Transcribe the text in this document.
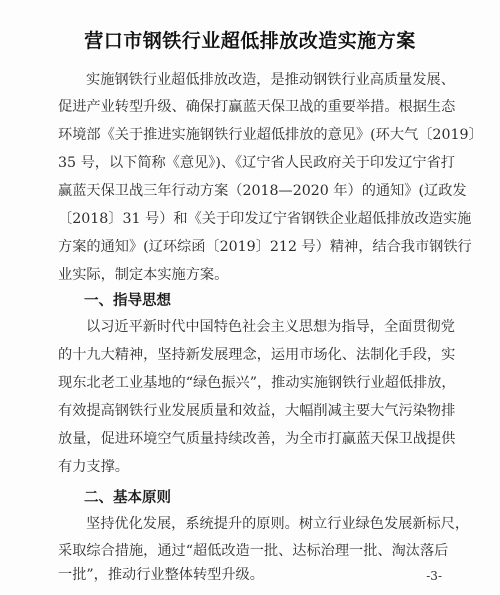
营口市钢铁行业超低排放改造实施方案
实施钢铁行业超低排放改造，是推动钢铁行业高质量发展、
促进产业转型升级、确保打赢蓝天保卫战的重要举措。根据生态
环境部《关于推进实施钢铁行业超低排放的意见》(环大气〔2019〕
35 号，以下简称《意见》)、《辽宁省人民政府关于印发辽宁省打
赢蓝天保卫战三年行动方案（2018—2020 年）的通知》(辽政发
〔2018〕31 号）和《关于印发辽宁省钢铁企业超低排放改造实施
方案的通知》(辽环综函〔2019〕212 号）精神，结合我市钢铁行
业实际，制定本实施方案。
一、指导思想
以习近平新时代中国特色社会主义思想为指导，全面贯彻党
的十九大精神，坚持新发展理念，运用市场化、法制化手段，实
现东北老工业基地的“绿色振兴”，推动实施钢铁行业超低排放，
有效提高钢铁行业发展质量和效益，大幅削减主要大气污染物排
放量，促进环境空气质量持续改善，为全市打赢蓝天保卫战提供
有力支撑。
二、基本原则
坚持优化发展，系统提升的原则。树立行业绿色发展新标尺，
采取综合措施，通过“超低改造一批、达标治理一批、淘汰落后
一批”，推动行业整体转型升级。	-3-
